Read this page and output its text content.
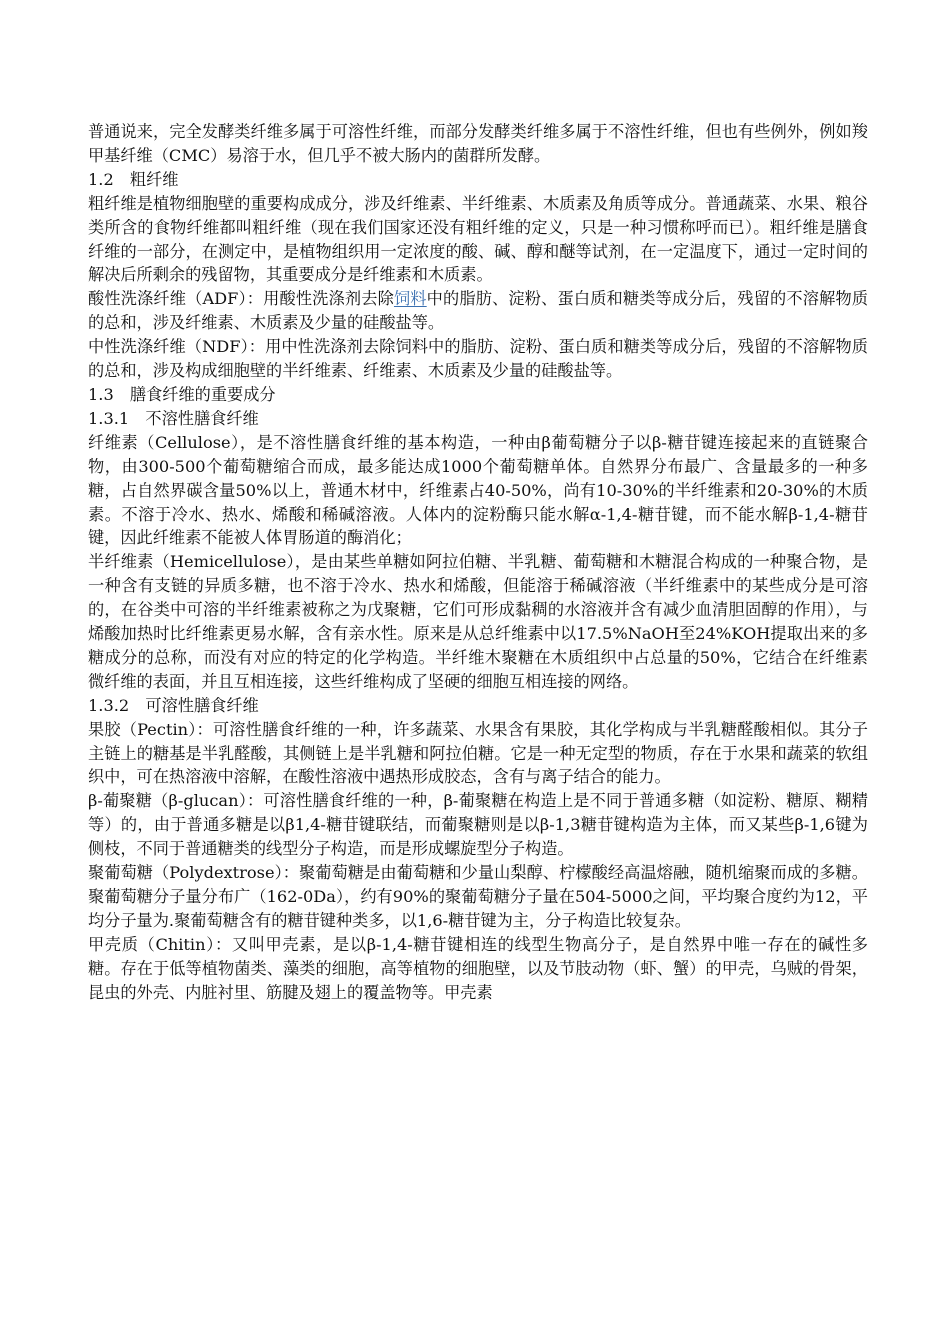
普通说来，完全发酵类纤维多属于可溶性纤维，而部分发酵类纤维多属于不溶性纤维，但也有些例外，例如羧甲基纤维（CMC）易溶于水，但几乎不被大肠内的菌群所发酵。

1.2　粗纤维

粗纤维是植物细胞壁的重要构成成分，涉及纤维素、半纤维素、木质素及角质等成分。普通蔬菜、水果、粮谷类所含的食物纤维都叫粗纤维（现在我们国家还没有粗纤维的定义，只是一种习惯称呼而已）。粗纤维是膳食纤维的一部分，在测定中，是植物组织用一定浓度的酸、碱、醇和醚等试剂，在一定温度下，通过一定时间的解决后所剩余的残留物，其重要成分是纤维素和木质素。

酸性洗涤纤维（ADF）：用酸性洗涤剂去除饲料中的脂肪、淀粉、蛋白质和糖类等成分后，残留的不溶解物质的总和，涉及纤维素、木质素及少量的硅酸盐等。

中性洗涤纤维（NDF）：用中性洗涤剂去除饲料中的脂肪、淀粉、蛋白质和糖类等成分后，残留的不溶解物质的总和，涉及构成细胞壁的半纤维素、纤维素、木质素及少量的硅酸盐等。

1.3　膳食纤维的重要成分

1.3.1　不溶性膳食纤维

纤维素（Cellulose），是不溶性膳食纤维的基本构造，一种由β葡萄糖分子以β-糖苷键连接起来的直链聚合物，由300-500个葡萄糖缩合而成，最多能达成1000个葡萄糖单体。自然界分布最广、含量最多的一种多糖，占自然界碳含量50%以上，普通木材中，纤维素占40-50%，尚有10-30%的半纤维素和20-30%的木质素。不溶于冷水、热水、烯酸和稀碱溶液。人体内的淀粉酶只能水解α-1,4-糖苷键，而不能水解β-1,4-糖苷键，因此纤维素不能被人体胃肠道的酶消化；

半纤维素（Hemicellulose），是由某些单糖如阿拉伯糖、半乳糖、葡萄糖和木糖混合构成的一种聚合物，是一种含有支链的异质多糖，也不溶于冷水、热水和烯酸，但能溶于稀碱溶液（半纤维素中的某些成分是可溶的，在谷类中可溶的半纤维素被称之为戊聚糖，它们可形成黏稠的水溶液并含有减少血清胆固醇的作用），与烯酸加热时比纤维素更易水解，含有亲水性。原来是从总纤维素中以17.5%NaOH至24%KOH提取出来的多糖成分的总称，而没有对应的特定的化学构造。半纤维木聚糖在木质组织中占总量的50%，它结合在纤维素微纤维的表面，并且互相连接，这些纤维构成了坚硬的细胞互相连接的网络。

1.3.2　可溶性膳食纤维

果胶（Pectin）：可溶性膳食纤维的一种，许多蔬菜、水果含有果胶，其化学构成与半乳糖醛酸相似。其分子主链上的糖基是半乳醛酸，其侧链上是半乳糖和阿拉伯糖。它是一种无定型的物质，存在于水果和蔬菜的软组织中，可在热溶液中溶解，在酸性溶液中遇热形成胶态，含有与离子结合的能力。

β-葡聚糖（β-glucan）：可溶性膳食纤维的一种，β-葡聚糖在构造上是不同于普通多糖（如淀粉、糖原、糊精等）的，由于普通多糖是以β1,4-糖苷键联结，而葡聚糖则是以β-1,3糖苷键构造为主体，而又某些β-1,6键为侧枝，不同于普通糖类的线型分子构造，而是形成螺旋型分子构造。

聚葡萄糖（Polydextrose）：聚葡萄糖是由葡萄糖和少量山梨醇、柠檬酸经高温熔融，随机缩聚而成的多糖。聚葡萄糖分子量分布广（162-0Da），约有90%的聚葡萄糖分子量在504-5000之间，平均聚合度约为12，平均分子量为.聚葡萄糖含有的糖苷键种类多，以1,6-糖苷键为主，分子构造比较复杂。

甲壳质（Chitin）：又叫甲壳素，是以β-1,4-糖苷键相连的线型生物高分子，是自然界中唯一存在的碱性多糖。存在于低等植物菌类、藻类的细胞，高等植物的细胞壁，以及节肢动物（虾、蟹）的甲壳，乌贼的骨架，昆虫的外壳、内脏衬里、筋腱及翅上的覆盖物等。甲壳素
